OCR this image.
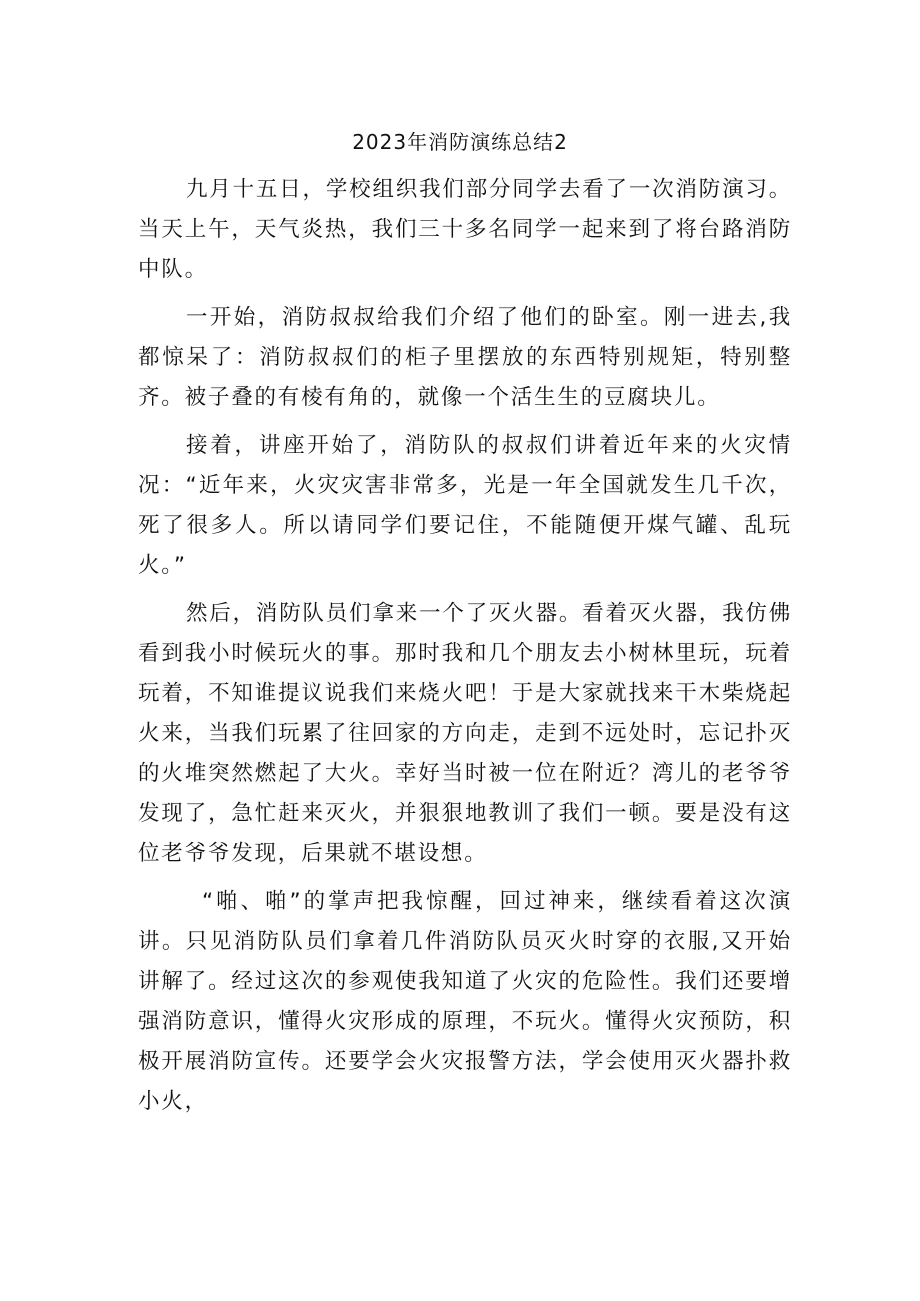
2023年消防演练总结2

九月十五日，学校组织我们部分同学去看了一次消防演习。当天上午，天气炎热，我们三十多名同学一起来到了将台路消防中队。

一开始，消防叔叔给我们介绍了他们的卧室。刚一进去,我都惊呆了：消防叔叔们的柜子里摆放的东西特别规矩，特别整齐。被子叠的有棱有角的，就像一个活生生的豆腐块儿。

接着，讲座开始了，消防队的叔叔们讲着近年来的火灾情况：“近年来，火灾灾害非常多，光是一年全国就发生几千次，死了很多人。所以请同学们要记住，不能随便开煤气罐、乱玩火。”

然后，消防队员们拿来一个了灭火器。看着灭火器，我仿佛看到我小时候玩火的事。那时我和几个朋友去小树林里玩，玩着玩着，不知谁提议说我们来烧火吧！于是大家就找来干木柴烧起火来，当我们玩累了往回家的方向走，走到不远处时，忘记扑灭的火堆突然燃起了大火。幸好当时被一位在附近？湾儿的老爷爷发现了，急忙赶来灭火，并狠狠地教训了我们一顿。要是没有这位老爷爷发现，后果就不堪设想。

“啪、啪”的掌声把我惊醒，回过神来，继续看着这次演讲。只见消防队员们拿着几件消防队员灭火时穿的衣服,又开始讲解了。经过这次的参观使我知道了火灾的危险性。我们还要增强消防意识，懂得火灾形成的原理，不玩火。懂得火灾预防，积极开展消防宣传。还要学会火灾报警方法，学会使用灭火器扑救小火，
